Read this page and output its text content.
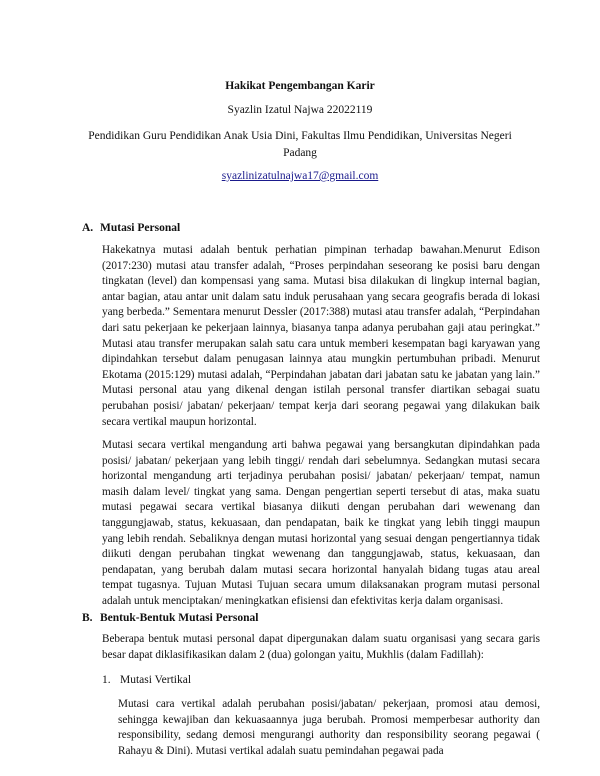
Hakikat Pengembangan Karir
Syazlin Izatul Najwa 22022119
Pendidikan Guru Pendidikan Anak Usia Dini, Fakultas Ilmu Pendidikan, Universitas Negeri Padang
syazlinizatulnajwa17@gmail.com
A. Mutasi Personal
Hakekatnya mutasi adalah bentuk perhatian pimpinan terhadap bawahan.Menurut Edison (2017:230) mutasi atau transfer adalah, “Proses perpindahan seseorang ke posisi baru dengan tingkatan (level) dan kompensasi yang sama. Mutasi bisa dilakukan di lingkup internal bagian, antar bagian, atau antar unit dalam satu induk perusahaan yang secara geografis berada di lokasi yang berbeda.” Sementara menurut Dessler (2017:388) mutasi atau transfer adalah, “Perpindahan dari satu pekerjaan ke pekerjaan lainnya, biasanya tanpa adanya perubahan gaji atau peringkat.” Mutasi atau transfer merupakan salah satu cara untuk memberi kesempatan bagi karyawan yang dipindahkan tersebut dalam penugasan lainnya atau mungkin pertumbuhan pribadi. Menurut Ekotama (2015:129) mutasi adalah, “Perpindahan jabatan dari jabatan satu ke jabatan yang lain.” Mutasi personal atau yang dikenal dengan istilah personal transfer diartikan sebagai suatu perubahan posisi/ jabatan/ pekerjaan/ tempat kerja dari seorang pegawai yang dilakukan baik secara vertikal maupun horizontal.
Mutasi secara vertikal mengandung arti bahwa pegawai yang bersangkutan dipindahkan pada posisi/ jabatan/ pekerjaan yang lebih tinggi/ rendah dari sebelumnya. Sedangkan mutasi secara horizontal mengandung arti terjadinya perubahan posisi/ jabatan/ pekerjaan/ tempat, namun masih dalam level/ tingkat yang sama. Dengan pengertian seperti tersebut di atas, maka suatu mutasi pegawai secara vertikal biasanya diikuti dengan perubahan dari wewenang dan tanggungjawab, status, kekuasaan, dan pendapatan, baik ke tingkat yang lebih tinggi maupun yang lebih rendah. Sebaliknya dengan mutasi horizontal yang sesuai dengan pengertiannya tidak diikuti dengan perubahan tingkat wewenang dan tanggungjawab, status, kekuasaan, dan pendapatan, yang berubah dalam mutasi secara horizontal hanyalah bidang tugas atau areal tempat tugasnya. Tujuan Mutasi Tujuan secara umum dilaksanakan program mutasi personal adalah untuk menciptakan/ meningkatkan efisiensi dan efektivitas kerja dalam organisasi.
B. Bentuk-Bentuk Mutasi Personal
Beberapa bentuk mutasi personal dapat dipergunakan dalam suatu organisasi yang secara garis besar dapat diklasifikasikan dalam 2 (dua) golongan yaitu, Mukhlis (dalam Fadillah):
1. Mutasi Vertikal
Mutasi cara vertikal adalah perubahan posisi/jabatan/ pekerjaan, promosi atau demosi, sehingga kewajiban dan kekuasaannya juga berubah. Promosi memperbesar authority dan responsibility, sedang demosi mengurangi authority dan responsibility seorang pegawai ( Rahayu & Dini). Mutasi vertikal adalah suatu pemindahan pegawai pada
